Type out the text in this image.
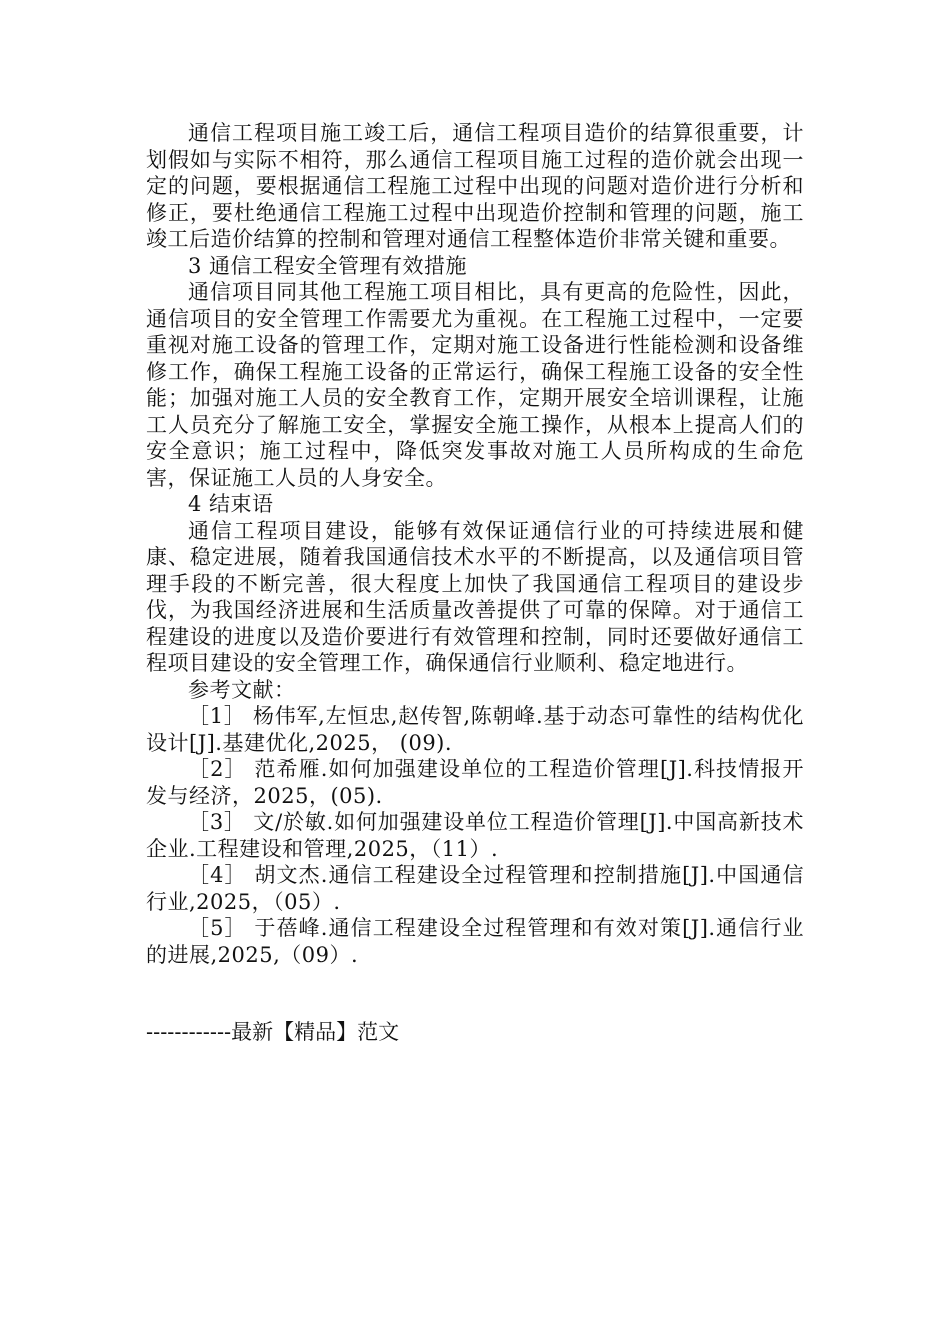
通信工程项目施工竣工后，通信工程项目造价的结算很重要，计划假如与实际不相符，那么通信工程项目施工过程的造价就会出现一定的问题，要根据通信工程施工过程中出现的问题对造价进行分析和修正，要杜绝通信工程施工过程中出现造价控制和管理的问题，施工竣工后造价结算的控制和管理对通信工程整体造价非常关键和重要。

3 通信工程安全管理有效措施

通信项目同其他工程施工项目相比，具有更高的危险性，因此，通信项目的安全管理工作需要尤为重视。在工程施工过程中，一定要重视对施工设备的管理工作，定期对施工设备进行性能检测和设备维修工作，确保工程施工设备的正常运行，确保工程施工设备的安全性能；加强对施工人员的安全教育工作，定期开展安全培训课程，让施工人员充分了解施工安全，掌握安全施工操作，从根本上提高人们的安全意识；施工过程中，降低突发事故对施工人员所构成的生命危害，保证施工人员的人身安全。

4 结束语

通信工程项目建设，能够有效保证通信行业的可持续进展和健康、稳定进展，随着我国通信技术水平的不断提高，以及通信项目管理手段的不断完善，很大程度上加快了我国通信工程项目的建设步伐，为我国经济进展和生活质量改善提供了可靠的保障。对于通信工程建设的进度以及造价要进行有效管理和控制，同时还要做好通信工程项目建设的安全管理工作，确保通信行业顺利、稳定地进行。

参考文献：

［1］ 杨伟军,左恒忠,赵传智,陈朝峰.基于动态可靠性的结构优化设计[J].基建优化,2025， (09).

［2］ 范希雁.如何加强建设单位的工程造价管理[J].科技情报开发与经济，2025，(05).

［3］ 文/於敏.如何加强建设单位工程造价管理[J].中国高新技术企业.工程建设和管理,2025，（11）.

［4］ 胡文杰.通信工程建设全过程管理和控制措施[J].中国通信行业,2025，（05）.

［5］ 于蓓峰.通信工程建设全过程管理和有效对策[J].通信行业的进展,2025,（09）.

------------最新【精品】范文
